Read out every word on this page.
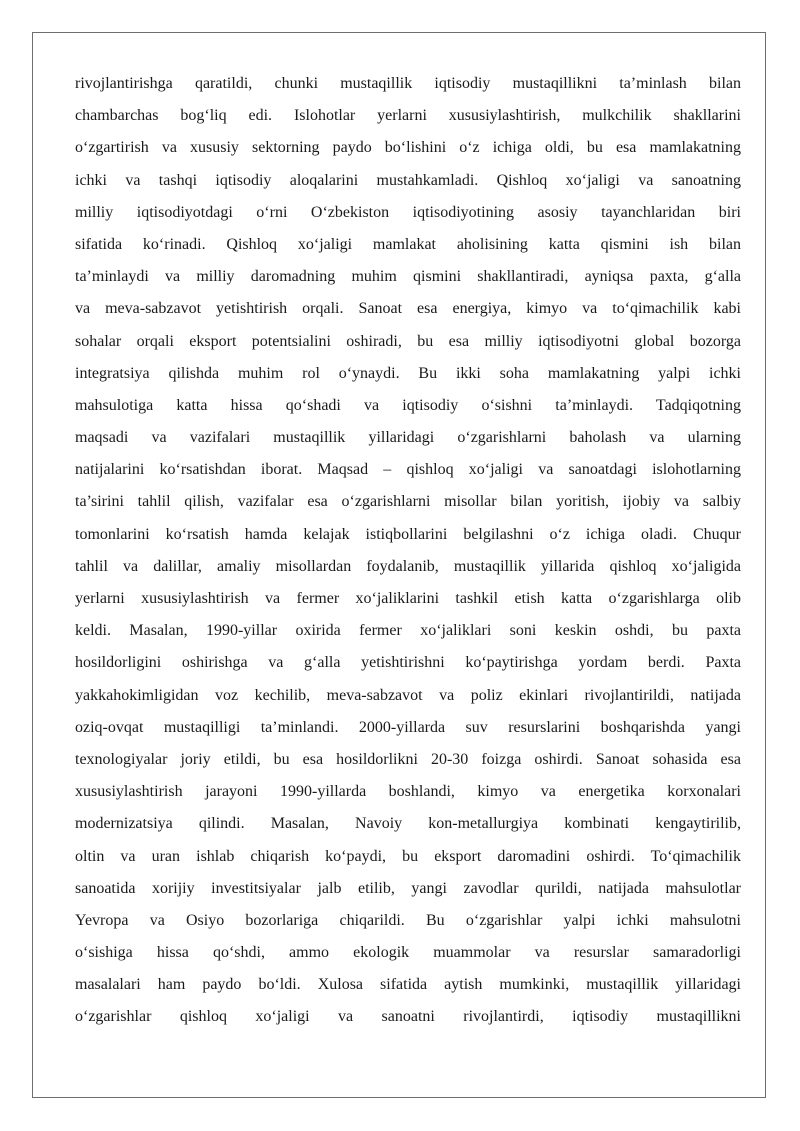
rivojlantirishga qaratildi, chunki mustaqillik iqtisodiy mustaqillikni ta’minlash bilan
chambarchas bog‘liq edi. Islohotlar yerlarni xususiylashtirish, mulkchilik shakllarini
o‘zgartirish va xususiy sektorning paydo bo‘lishini o‘z ichiga oldi, bu esa mamlakatning
ichki va tashqi iqtisodiy aloqalarini mustahkamladi. Qishloq xo‘jaligi va sanoatning
milliy iqtisodiyotdagi o‘rni O‘zbekiston iqtisodiyotining asosiy tayanchlaridan biri
sifatida ko‘rinadi. Qishloq xo‘jaligi mamlakat aholisining katta qismini ish bilan
ta’minlaydi va milliy daromadning muhim qismini shakllantiradi, ayniqsa paxta, g‘alla
va meva-sabzavot yetishtirish orqali. Sanoat esa energiya, kimyo va to‘qimachilik kabi
sohalar orqali eksport potentsialini oshiradi, bu esa milliy iqtisodiyotni global bozorga
integratsiya qilishda muhim rol o‘ynaydi. Bu ikki soha mamlakatning yalpi ichki
mahsulotiga katta hissa qo‘shadi va iqtisodiy o‘sishni ta’minlaydi. Tadqiqotning
maqsadi va vazifalari mustaqillik yillaridagi o‘zgarishlarni baholash va ularning
natijalarini ko‘rsatishdan iborat. Maqsad – qishloq xo‘jaligi va sanoatdagi islohotlarning
ta’sirini tahlil qilish, vazifalar esa o‘zgarishlarni misollar bilan yoritish, ijobiy va salbiy
tomonlarini ko‘rsatish hamda kelajak istiqbollarini belgilashni o‘z ichiga oladi. Chuqur
tahlil va dalillar, amaliy misollardan foydalanib, mustaqillik yillarida qishloq xo‘jaligida
yerlarni xususiylashtirish va fermer xo‘jaliklarini tashkil etish katta o‘zgarishlarga olib
keldi. Masalan, 1990-yillar oxirida fermer xo‘jaliklari soni keskin oshdi, bu paxta
hosildorligini oshirishga va g‘alla yetishtirishni ko‘paytirishga yordam berdi. Paxta
yakkahokimligidan voz kechilib, meva-sabzavot va poliz ekinlari rivojlantirildi, natijada
oziq-ovqat mustaqilligi ta’minlandi. 2000-yillarda suv resurslarini boshqarishda yangi
texnologiyalar joriy etildi, bu esa hosildorlikni 20-30 foizga oshirdi. Sanoat sohasida esa
xususiylashtirish jarayoni 1990-yillarda boshlandi, kimyo va energetika korxonalari
modernizatsiya qilindi. Masalan, Navoiy kon-metallurgiya kombinati kengaytirilib,
oltin va uran ishlab chiqarish ko‘paydi, bu eksport daromadini oshirdi. To‘qimachilik
sanoatida xorijiy investitsiyalar jalb etilib, yangi zavodlar qurildi, natijada mahsulotlar
Yevropa va Osiyo bozorlariga chiqarildi. Bu o‘zgarishlar yalpi ichki mahsulotni
o‘sishiga hissa qo‘shdi, ammo ekologik muammolar va resurslar samaradorligi
masalalari ham paydo bo‘ldi. Xulosa sifatida aytish mumkinki, mustaqillik yillaridagi
o‘zgarishlar qishloq xo‘jaligi va sanoatni rivojlantirdi, iqtisodiy mustaqillikni
